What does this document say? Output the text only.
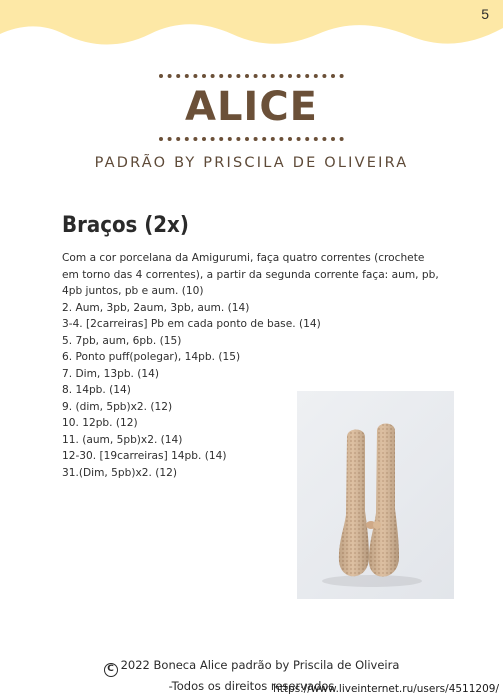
5
ALICE
PADRÃO BY PRISCILA DE OLIVEIRA
Braços (2x)
Com a cor porcelana da Amigurumi, faça quatro correntes (crochete
em torno das 4 correntes), a partir da segunda corrente faça: aum, pb,
4pb juntos, pb e aum. (10)
2. Aum, 3pb, 2aum, 3pb, aum. (14)
3-4. [2carreiras] Pb em cada ponto de base. (14)
5. 7pb, aum, 6pb. (15)
6. Ponto puff(polegar), 14pb. (15)
7. Dim, 13pb. (14)
8. 14pb. (14)
9. (dim, 5pb)x2. (12)
10. 12pb. (12)
11. (aum, 5pb)x2. (14)
12-30. [19carreiras] 14pb. (14)
31.(Dim, 5pb)x2. (12)
C 2022 Boneca Alice padrão by Priscila de Oliveira
-Todos os direitos reservados
https://www.liveinternet.ru/users/4511209/
